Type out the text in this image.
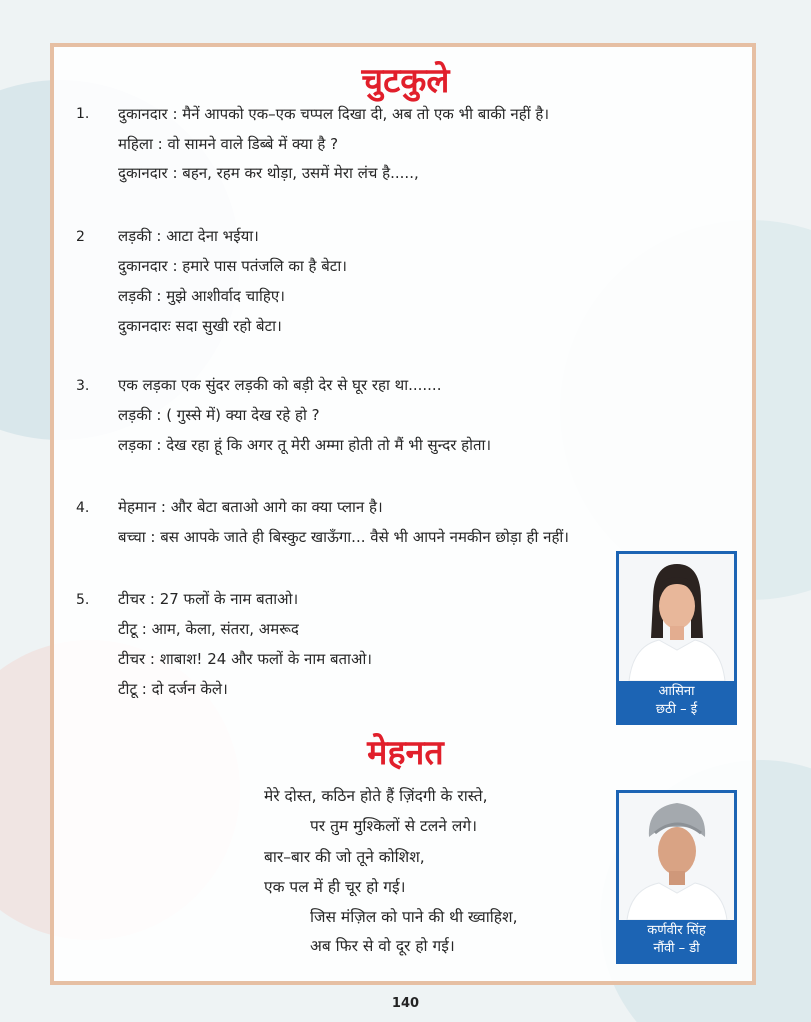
चुटकुले
1. दुकानदार : मैनें आपको एक–एक चप्पल दिखा दी, अब तो एक भी बाकी नहीं है।
महिला : वो सामने वाले डिब्बे में क्या है ?
दुकानदार : बहन, रहम कर थोड़ा, उसमें मेरा लंच है.....,
2 लड़की : आटा देना भईया।
दुकानदार : हमारे पास पतंजलि का है बेटा।
लड़की : मुझे आशीर्वाद चाहिए।
दुकानदारः सदा सुखी रहो बेटा।
3. एक लड़का एक सुंदर लड़की को बड़ी देर से घूर रहा था.......
लड़की : ( गुस्से में) क्या देख रहे हो ?
लड़का : देख रहा हूं कि अगर तू मेरी अम्मा होती तो मैं भी सुन्दर होता।
4. मेहमान : और बेटा बताओ आगे का क्या प्लान है।
बच्चा : बस आपके जाते ही बिस्कुट खाऊँगा... वैसे भी आपने नमकीन छोड़ा ही नहीं।
5. टीचर : 27 फलों के नाम बताओ।
टीटू : आम, केला, संतरा, अमरूद
टीचर : शाबाश! 24 और फलों के नाम बताओ।
टीटू : दो दर्जन केले।	आसिना
छठी – ई
मेहनत
मेरे दोस्त, कठिन होते हैं ज़िंदगी के रास्ते,
पर तुम मुश्किलों से टलने लगे।
बार–बार की जो तूने कोशिश,
एक पल में ही चूर हो गई।
जिस मंज़िल को पाने की थी ख्वाहिश,
अब फिर से वो दूर हो गई।
कर्णवीर सिंह
नौंवी – डी
140
